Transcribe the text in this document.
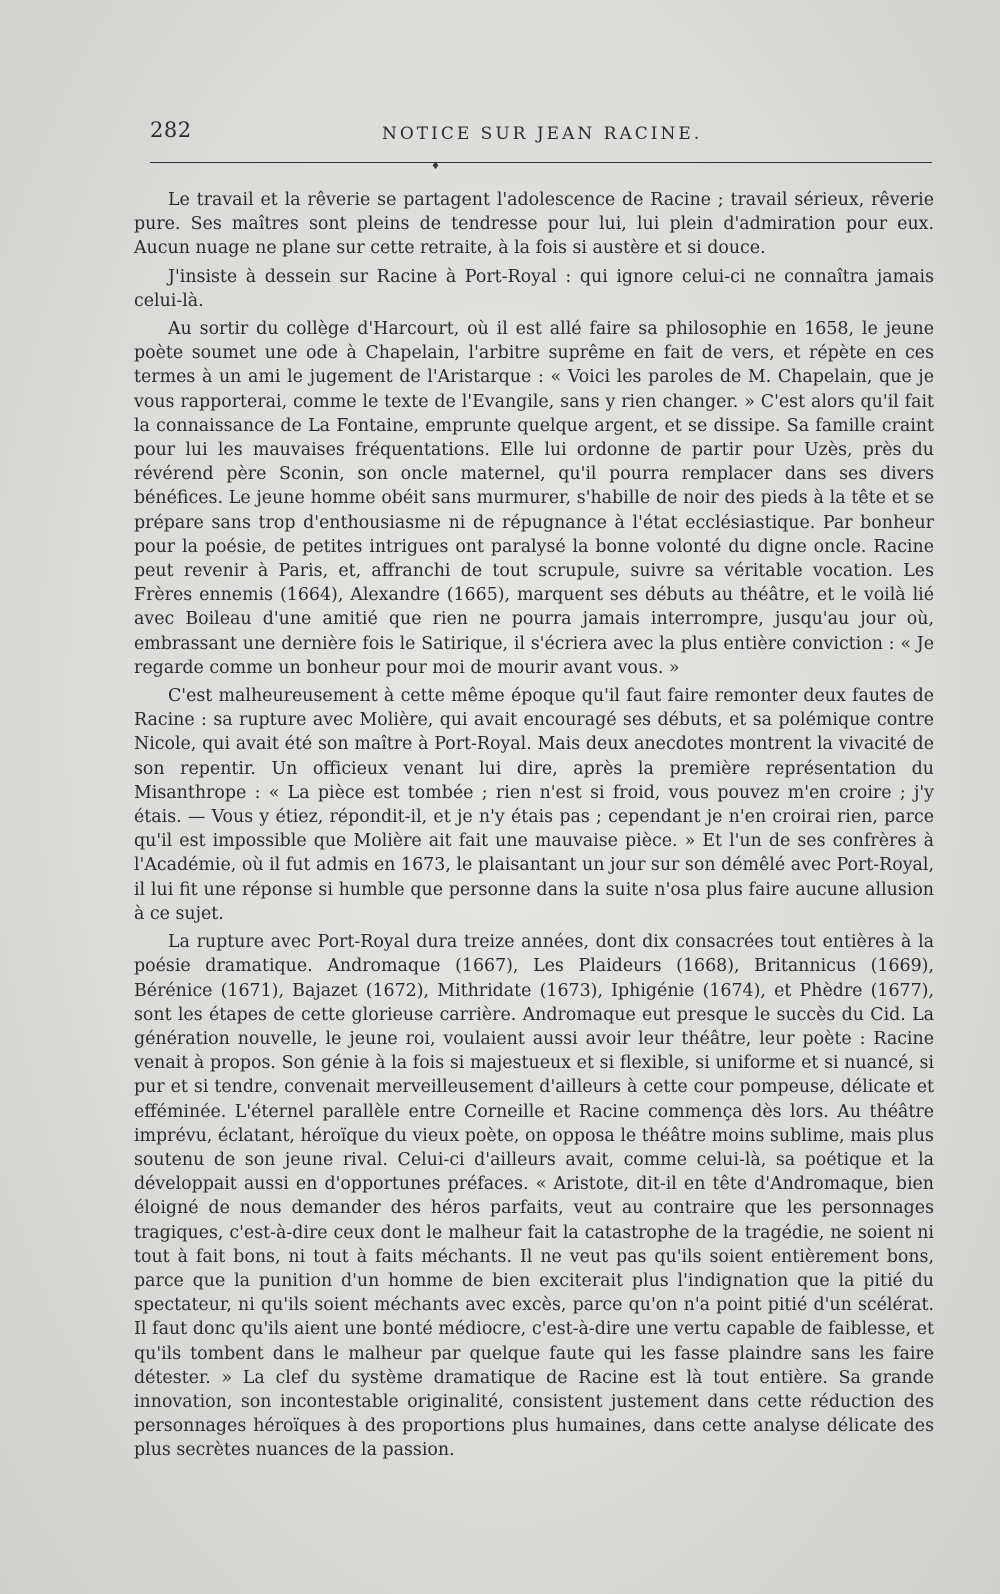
282	NOTICE SUR JEAN RACINE.
♦

Le travail et la rêverie se partagent l'adolescence de Racine ; travail sérieux, rêverie pure. Ses maîtres sont pleins de tendresse pour lui, lui plein d'admiration pour eux. Aucun nuage ne plane sur cette retraite, à la fois si austère et si douce.

J'insiste à dessein sur Racine à Port-Royal : qui ignore celui-ci ne connaîtra jamais celui-là.

Au sortir du collège d'Harcourt, où il est allé faire sa philosophie en 1658, le jeune poète soumet une ode à Chapelain, l'arbitre suprême en fait de vers, et répète en ces termes à un ami le jugement de l'Aristarque : « Voici les paroles de M. Chapelain, que je vous rapporterai, comme le texte de l'Evangile, sans y rien changer. » C'est alors qu'il fait la connaissance de La Fontaine, emprunte quelque argent, et se dissipe. Sa famille craint pour lui les mauvaises fréquentations. Elle lui ordonne de partir pour Uzès, près du révérend père Sconin, son oncle maternel, qu'il pourra remplacer dans ses divers bénéfices. Le jeune homme obéit sans murmurer, s'habille de noir des pieds à la tête et se prépare sans trop d'enthousiasme ni de répugnance à l'état ecclésiastique. Par bonheur pour la poésie, de petites intrigues ont paralysé la bonne volonté du digne oncle. Racine peut revenir à Paris, et, affranchi de tout scrupule, suivre sa véritable vocation. Les Frères ennemis (1664), Alexandre (1665), marquent ses débuts au théâtre, et le voilà lié avec Boileau d'une amitié que rien ne pourra jamais interrompre, jusqu'au jour où, embrassant une dernière fois le Satirique, il s'écriera avec la plus entière conviction : « Je regarde comme un bonheur pour moi de mourir avant vous. »

C'est malheureusement à cette même époque qu'il faut faire remonter deux fautes de Racine : sa rupture avec Molière, qui avait encouragé ses débuts, et sa polémique contre Nicole, qui avait été son maître à Port-Royal. Mais deux anecdotes montrent la vivacité de son repentir. Un officieux venant lui dire, après la première représentation du Misanthrope : « La pièce est tombée ; rien n'est si froid, vous pouvez m'en croire ; j'y étais. — Vous y étiez, répondit-il, et je n'y étais pas ; cependant je n'en croirai rien, parce qu'il est impossible que Molière ait fait une mauvaise pièce. » Et l'un de ses confrères à l'Académie, où il fut admis en 1673, le plaisantant un jour sur son démêlé avec Port-Royal, il lui fit une réponse si humble que personne dans la suite n'osa plus faire aucune allusion à ce sujet.

La rupture avec Port-Royal dura treize années, dont dix consacrées tout entières à la poésie dramatique. Andromaque (1667), Les Plaideurs (1668), Britannicus (1669), Bérénice (1671), Bajazet (1672), Mithridate (1673), Iphigénie (1674), et Phèdre (1677), sont les étapes de cette glorieuse carrière. Andromaque eut presque le succès du Cid. La génération nouvelle, le jeune roi, voulaient aussi avoir leur théâtre, leur poète : Racine venait à propos. Son génie à la fois si majestueux et si flexible, si uniforme et si nuancé, si pur et si tendre, convenait merveilleusement d'ailleurs à cette cour pompeuse, délicate et efféminée. L'éternel parallèle entre Corneille et Racine commença dès lors. Au théâtre imprévu, éclatant, héroïque du vieux poète, on opposa le théâtre moins sublime, mais plus soutenu de son jeune rival. Celui-ci d'ailleurs avait, comme celui-là, sa poétique et la développait aussi en d'opportunes préfaces. « Aristote, dit-il en tête d'Andromaque, bien éloigné de nous demander des héros parfaits, veut au contraire que les personnages tragiques, c'est-à-dire ceux dont le malheur fait la catastrophe de la tragédie, ne soient ni tout à fait bons, ni tout à faits méchants. Il ne veut pas qu'ils soient entièrement bons, parce que la punition d'un homme de bien exciterait plus l'indignation que la pitié du spectateur, ni qu'ils soient méchants avec excès, parce qu'on n'a point pitié d'un scélérat. Il faut donc qu'ils aient une bonté médiocre, c'est-à-dire une vertu capable de faiblesse, et qu'ils tombent dans le malheur par quelque faute qui les fasse plaindre sans les faire détester. » La clef du système dramatique de Racine est là tout entière. Sa grande innovation, son incontestable originalité, consistent justement dans cette réduction des personnages héroïques à des proportions plus humaines, dans cette analyse délicate des plus secrètes nuances de la passion.
